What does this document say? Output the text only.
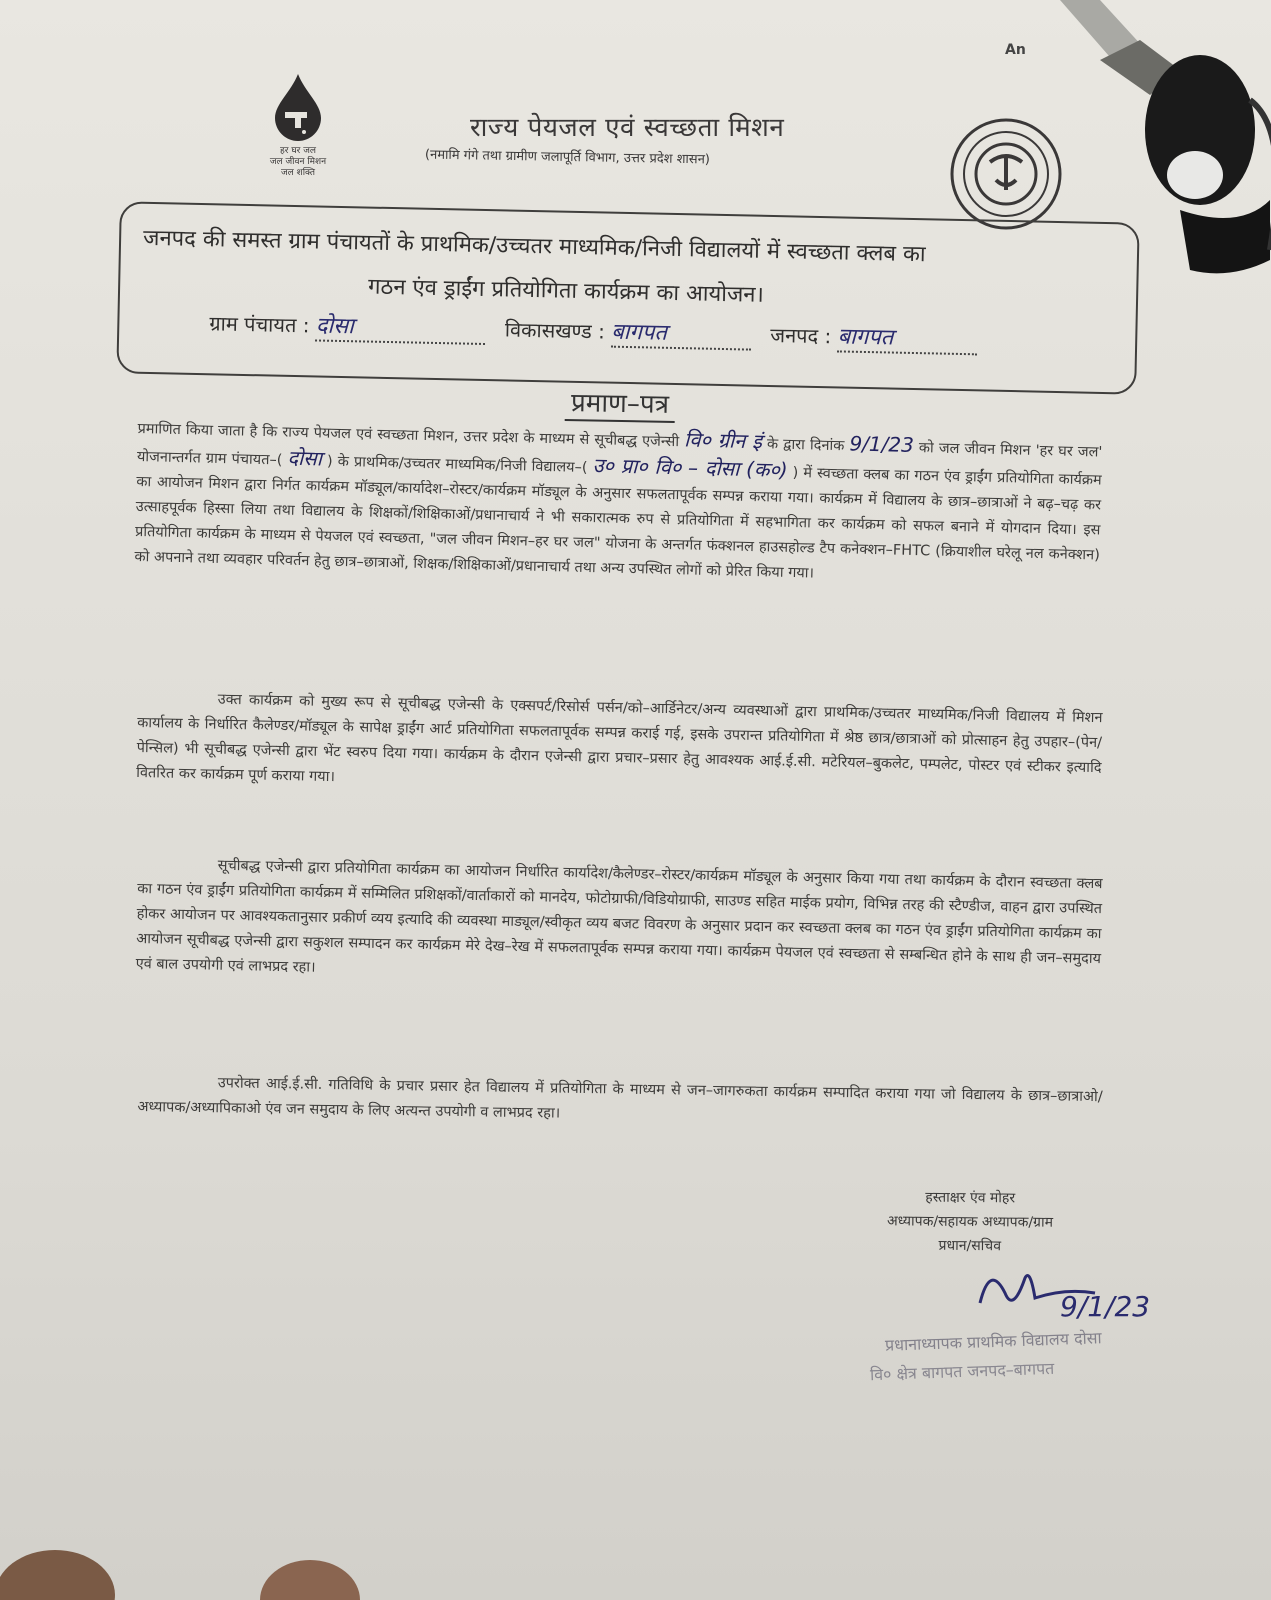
हर घर जल
जल जीवन मिशन
जल शक्ति
राज्य पेयजल एवं स्वच्छता मिशन
(नमामि गंगे तथा ग्रामीण जलापूर्ति विभाग, उत्तर प्रदेश शासन)
An
जनपद की समस्त ग्राम पंचायतों के प्राथमिक/उच्चतर माध्यमिक/निजी विद्यालयों में स्वच्छता क्लब का
गठन एंव ड्राईंग प्रतियोगिता कार्यक्रम का आयोजन।
ग्राम पंचायत : दोसा	विकासखण्ड : बागपत	जनपद : बागपत
प्रमाण–पत्र
प्रमाणित किया जाता है कि राज्य पेयजल एवं स्वच्छता मिशन, उत्तर प्रदेश के माध्यम से सूचीबद्ध एजेन्सी वि० ग्रीन इं के द्वारा दिनांक 9/1/23 को जल जीवन मिशन 'हर घर जल' योजनान्तर्गत ग्राम पंचायत–( दोसा ) के प्राथमिक/उच्चतर माध्यमिक/निजी विद्यालय–( उ० प्रा० वि० – दोसा (क०) ) में स्वच्छता क्लब का गठन एंव ड्राईंग प्रतियोगिता कार्यक्रम का आयोजन मिशन द्वारा निर्गत कार्यक्रम मॉड्यूल/कार्यादेश–रोस्टर/कार्यक्रम मॉड्यूल के अनुसार सफलतापूर्वक सम्पन्न कराया गया। कार्यक्रम में विद्यालय के छात्र–छात्राओं ने बढ़–चढ़ कर उत्साहपूर्वक हिस्सा लिया तथा विद्यालय के शिक्षकों/शिक्षिकाओं/प्रधानाचार्य ने भी सकारात्मक रुप से प्रतियोगिता में सहभागिता कर कार्यक्रम को सफल बनाने में योगदान दिया। इस प्रतियोगिता कार्यक्रम के माध्यम से पेयजल एवं स्वच्छता, "जल जीवन मिशन–हर घर जल" योजना के अन्तर्गत फंक्शनल हाउसहोल्ड टैप कनेक्शन–FHTC (क्रियाशील घरेलू नल कनेक्शन) को अपनाने तथा व्यवहार परिवर्तन हेतु छात्र–छात्राओं, शिक्षक/शिक्षिकाओं/प्रधानाचार्य तथा अन्य उपस्थित लोगों को प्रेरित किया गया।
उक्त कार्यक्रम को मुख्य रूप से सूचीबद्ध एजेन्सी के एक्सपर्ट/रिसोर्स पर्सन/को–आर्डिनेटर/अन्य व्यवस्थाओं द्वारा प्राथमिक/उच्चतर माध्यमिक/निजी विद्यालय में मिशन कार्यालय के निर्धारित कैलेण्डर/मॉड्यूल के सापेक्ष ड्राईंग आर्ट प्रतियोगिता सफलतापूर्वक सम्पन्न कराई गई, इसके उपरान्त प्रतियोगिता में श्रेष्ठ छात्र/छात्राओं को प्रोत्साहन हेतु उपहार–(पेन/पेन्सिल) भी सूचीबद्ध एजेन्सी द्वारा भेंट स्वरुप दिया गया। कार्यक्रम के दौरान एजेन्सी द्वारा प्रचार–प्रसार हेतु आवश्यक आई.ई.सी. मटेरियल–बुकलेट, पम्पलेट, पोस्टर एवं स्टीकर इत्यादि वितरित कर कार्यक्रम पूर्ण कराया गया।
सूचीबद्ध एजेन्सी द्वारा प्रतियोगिता कार्यक्रम का आयोजन निर्धारित कार्यादेश/कैलेण्डर–रोस्टर/कार्यक्रम मॉड्यूल के अनुसार किया गया तथा कार्यक्रम के दौरान स्वच्छता क्लब का गठन एंव ड्राईंग प्रतियोगिता कार्यक्रम में सम्मिलित प्रशिक्षकों/वार्ताकारों को मानदेय, फोटोग्राफी/विडियोग्राफी, साउण्ड सहित माईक प्रयोग, विभिन्न तरह की स्टैण्डीज, वाहन द्वारा उपस्थित होकर आयोजन पर आवश्यकतानुसार प्रकीर्ण व्यय इत्यादि की व्यवस्था माड्यूल/स्वीकृत व्यय बजट विवरण के अनुसार प्रदान कर स्वच्छता क्लब का गठन एंव ड्राईंग प्रतियोगिता कार्यक्रम का आयोजन सूचीबद्ध एजेन्सी द्वारा सकुशल सम्पादन कर कार्यक्रम मेरे देख–रेख में सफलतापूर्वक सम्पन्न कराया गया। कार्यक्रम पेयजल एवं स्वच्छता से सम्बन्धित होने के साथ ही जन–समुदाय एवं बाल उपयोगी एवं लाभप्रद रहा।
उपरोक्त आई.ई.सी. गतिविधि के प्रचार प्रसार हेत विद्यालय में प्रतियोगिता के माध्यम से जन–जागरुकता कार्यक्रम सम्पादित कराया गया जो विद्यालय के छात्र–छात्राओ/अध्यापक/अध्यापिकाओ एंव जन समुदाय के लिए अत्यन्त उपयोगी व लाभप्रद रहा।
हस्ताक्षर एंव मोहर
अध्यापक/सहायक अध्यापक/ग्राम
प्रधान/सचिव
9/1/23
प्रधानाध्यापक प्राथमिक विद्यालय दोसा
वि० क्षेत्र बागपत जनपद–बागपत
